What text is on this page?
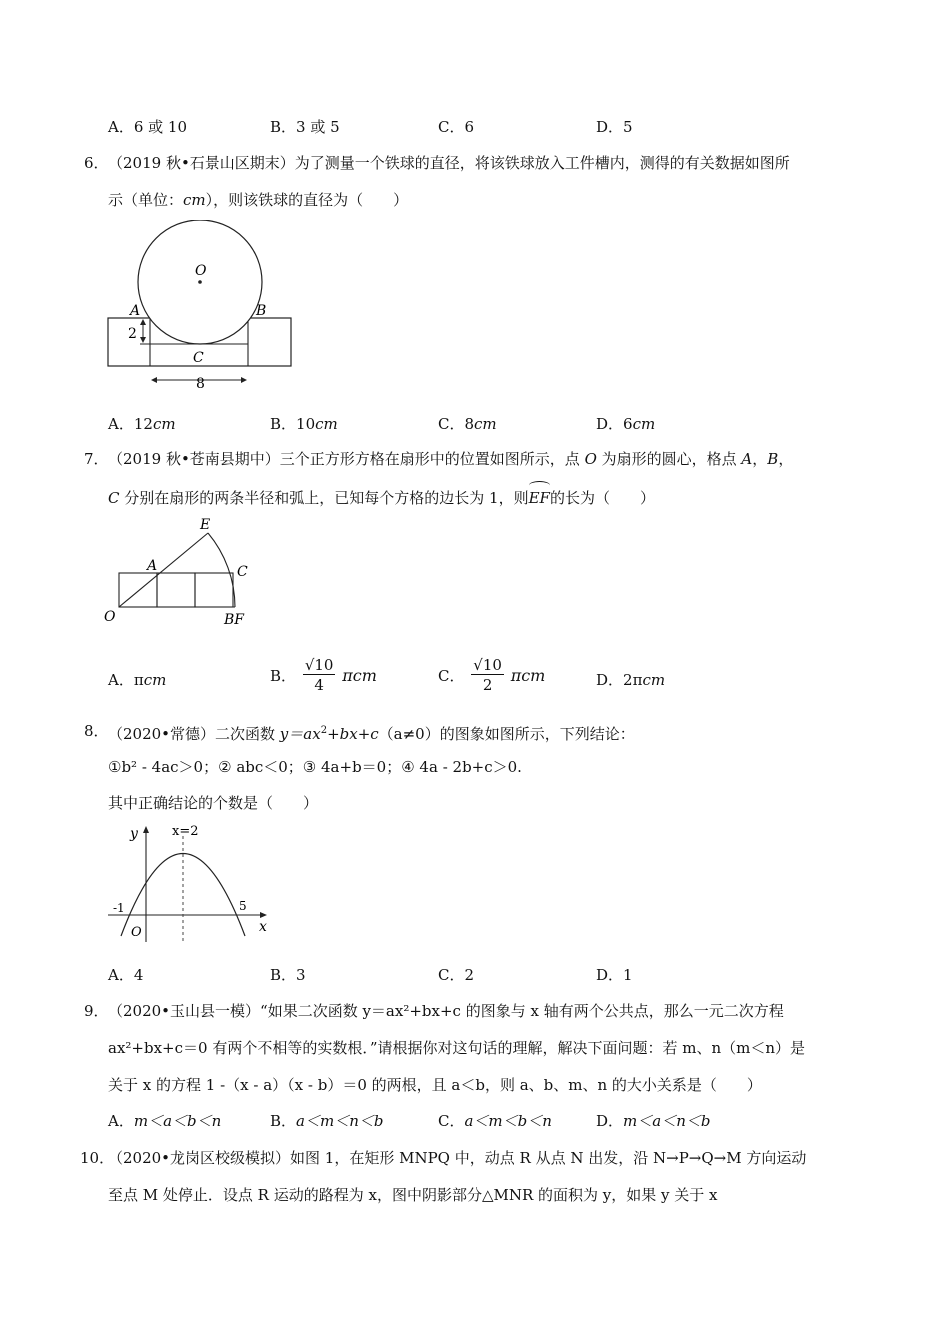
A．6 或 10	B．3 或 5	C．6	D．5
6． （2019 秋•石景山区期末）为了测量一个铁球的直径，将该铁球放入工件槽内，测得的有关数据如图所
示（单位：cm），则该铁球的直径为（　　）
O
A	B
C
2
8
A．12cm	B．10cm	C．8cm	D．6cm
7． （2019 秋•苍南县期中）三个正方形方格在扇形中的位置如图所示，点 O 为扇形的圆心，格点 A，B，
C 分别在扇形的两条半径和弧上，已知每个方格的边长为 1，则
EF的长为（　　）
E
A	C
O	BF
A．πcm	B． $\frac{√10}{4}$ πcm	C． $\frac{√10}{2}$ πcm	D．2πcm
8． （2020•常德）二次函数 $y=ax^2+bx+c(a\ne 0)$的图象如图所示，下列结论：
①b² - 4ac＞0；② abc＜0；③ 4a+b＝0；④ 4a - 2b+c＞0.
其中正确结论的个数是（　　）
y
x
x=2
-1
O
5
A．4	B．3	C．2	D．1
9． （2020•玉山县一模）“如果二次函数 y＝ax²+bx+c 的图象与 x 轴有两个公共点，那么一元二次方程
ax²+bx+c＝0 有两个不相等的实数根．”请根据你对这句话的理解，解决下面问题：若 m、n（m＜n）是
关于 x 的方程 1 -（x - a）（x - b）＝0 的两根，且 a＜b，则 a、b、m、n 的大小关系是（　　）
A．m＜a＜b＜n	B．a＜m＜n＜b	C．a＜m＜b＜n	D．m＜a＜n＜b
10．
（2020•龙岗区校级模拟）如图 1，在矩形 MNPQ 中，动点 R 从点 N 出发，沿 N→P→Q→M 方向运动
至点 M 处停止．设点 R 运动的路程为 x，图中阴影部分△MNR 的面积为 y，如果 y 关于 x
